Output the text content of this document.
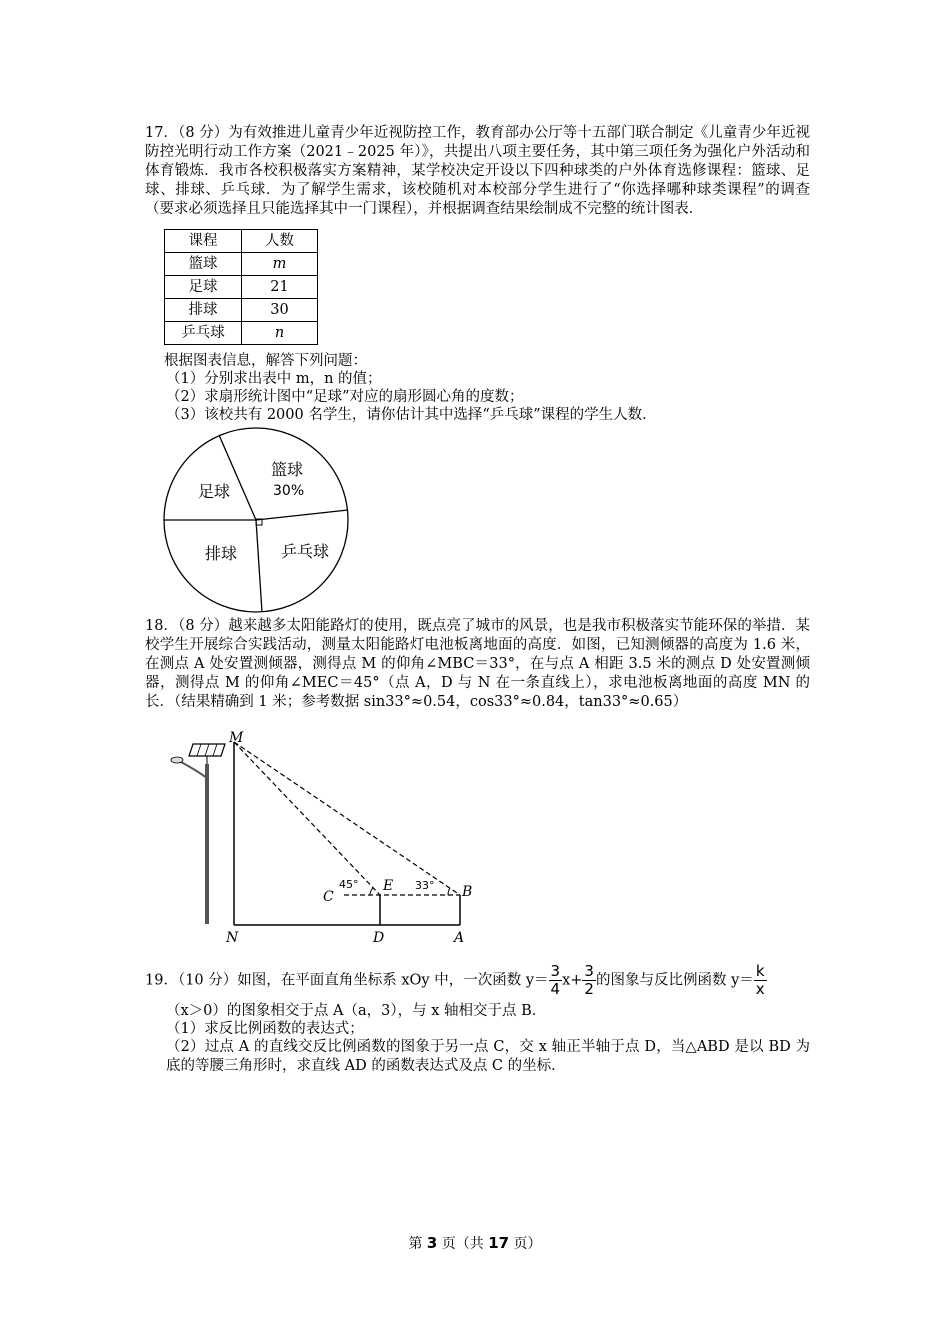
17．（8 分）为有效推进儿童青少年近视防控工作，教育部办公厅等十五部门联合制定《儿童青少年近视防控光明行动工作方案（2021﹣2025 年）》，共提出八项主要任务，其中第三项任务为强化户外活动和体育锻炼．我市各校积极落实方案精神，某学校决定开设以下四种球类的户外体育选修课程：篮球、足球、排球、乒乓球．为了解学生需求，该校随机对本校部分学生进行了“你选择哪种球类课程”的调查（要求必须选择且只能选择其中一门课程），并根据调查结果绘制成不完整的统计图表．
课程	人数
篮球	m
足球	21
排球	30
乒乓球	n
根据图表信息，解答下列问题：
（1）分别求出表中 m，n 的值；
（2）求扇形统计图中“足球”对应的扇形圆心角的度数；
（3）该校共有 2000 名学生，请你估计其中选择“乒乓球”课程的学生人数．
篮球
30%
足球
排球	乒乓球
18．（8 分）越来越多太阳能路灯的使用，既点亮了城市的风景，也是我市积极落实节能环保的举措．某校学生开展综合实践活动，测量太阳能路灯电池板离地面的高度．如图，已知测倾器的高度为 1.6 米，在测点 A 处安置测倾器，测得点 M 的仰角∠MBC＝33°，在与点 A 相距 3.5 米的测点 D 处安置测倾器，测得点 M 的仰角∠MEC＝45°（点 A，D 与 N 在一条直线上），求电池板离地面的高度 MN 的长．（结果精确到 1 米；参考数据 sin33°≈0.54，cos33°≈0.84，tan33°≈0.65）
M
N	D	A
C
E	B
45°	33°
19．（10 分）如图，在平面直角坐标系 xOy 中，一次函数 $y= \frac{3}{4} x+ \frac{3}{2}$ 的图象与反比例函数 $y= \frac{k}{x}$
（x＞0）的图象相交于点 A（a，3），与 x 轴相交于点 B．
（1）求反比例函数的表达式；
（2）过点 A 的直线交反比例函数的图象于另一点 C，交 x 轴正半轴于点 D，当△ABD 是以 BD 为底的等腰三角形时，求直线 AD 的函数表达式及点 C 的坐标．
第 3 页（共 17 页）
